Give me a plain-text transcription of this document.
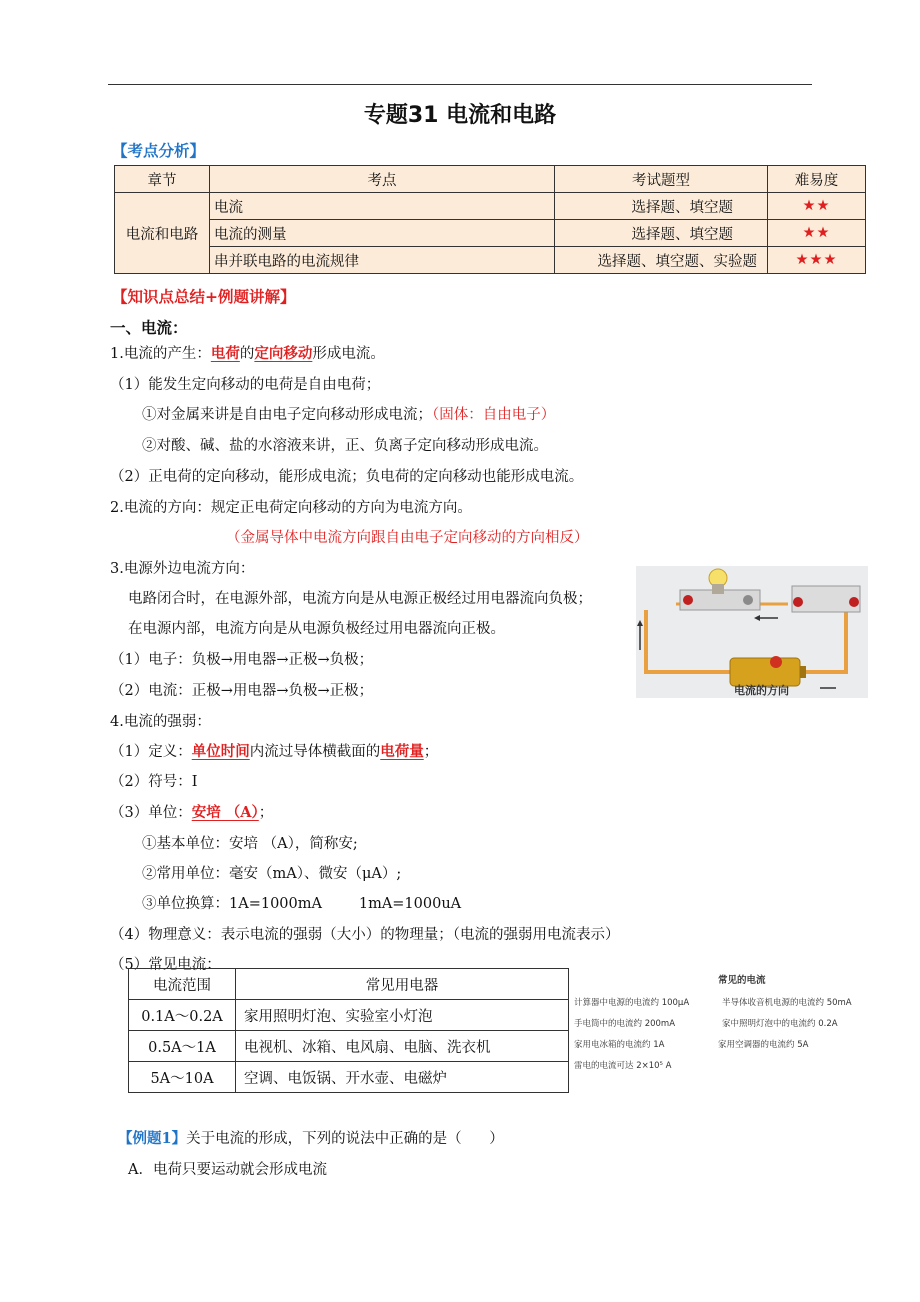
专题31 电流和电路
【考点分析】
章节	考点	考试题型	难易度
电流和电路	电流	选择题、填空题	★★
	电流的测量	选择题、填空题	★★
	串并联电路的电流规律	选择题、填空题、实验题	★★★
【知识点总结+例题讲解】
一、电流：
1.电流的产生：电荷的定向移动形成电流。
（1）能发生定向移动的电荷是自由电荷；
①对金属来讲是自由电子定向移动形成电流；（固体：自由电子）
②对酸、碱、盐的水溶液来讲，正、负离子定向移动形成电流。
（2）正电荷的定向移动，能形成电流；负电荷的定向移动也能形成电流。
2.电流的方向：规定正电荷定向移动的方向为电流方向。
（金属导体中电流方向跟自由电子定向移动的方向相反）
3.电源外边电流方向：
电路闭合时，在电源外部，电流方向是从电源正极经过用电器流向负极；
在电源内部，电流方向是从电源负极经过用电器流向正极。
（1）电子：负极→用电器→正极→负极；
（2）电流：正极→用电器→负极→正极；	电流的方向
4.电流的强弱：
（1）定义：单位时间内流过导体横截面的电荷量；
（2）符号：I
（3）单位：安培 （A）；
①基本单位：安培 （A），简称安;
②常用单位：毫安（mA）、微安（μA）;
③单位换算：1A=1000mA        1mA=1000uA
（4）物理意义：表示电流的强弱（大小）的物理量；（电流的强弱用电流表示）
（5）常见电流：
电流范围	常见用电器
0.1A～0.2A	家用照明灯泡、实验室小灯泡
0.5A～1A	电视机、冰箱、电风扇、电脑、洗衣机
5A～10A	空调、电饭锅、开水壶、电磁炉
常见的电流
计算器中电源的电流约 100μA
手电筒中的电流约 200mA
家用电冰箱的电流约 1A
雷电的电流可达 2×10⁵ A
半导体收音机电源的电流约 50mA
家中照明灯泡中的电流约 0.2A
家用空调器的电流约 5A
【例题1】关于电流的形成，下列的说法中正确的是（      ）
A．电荷只要运动就会形成电流
